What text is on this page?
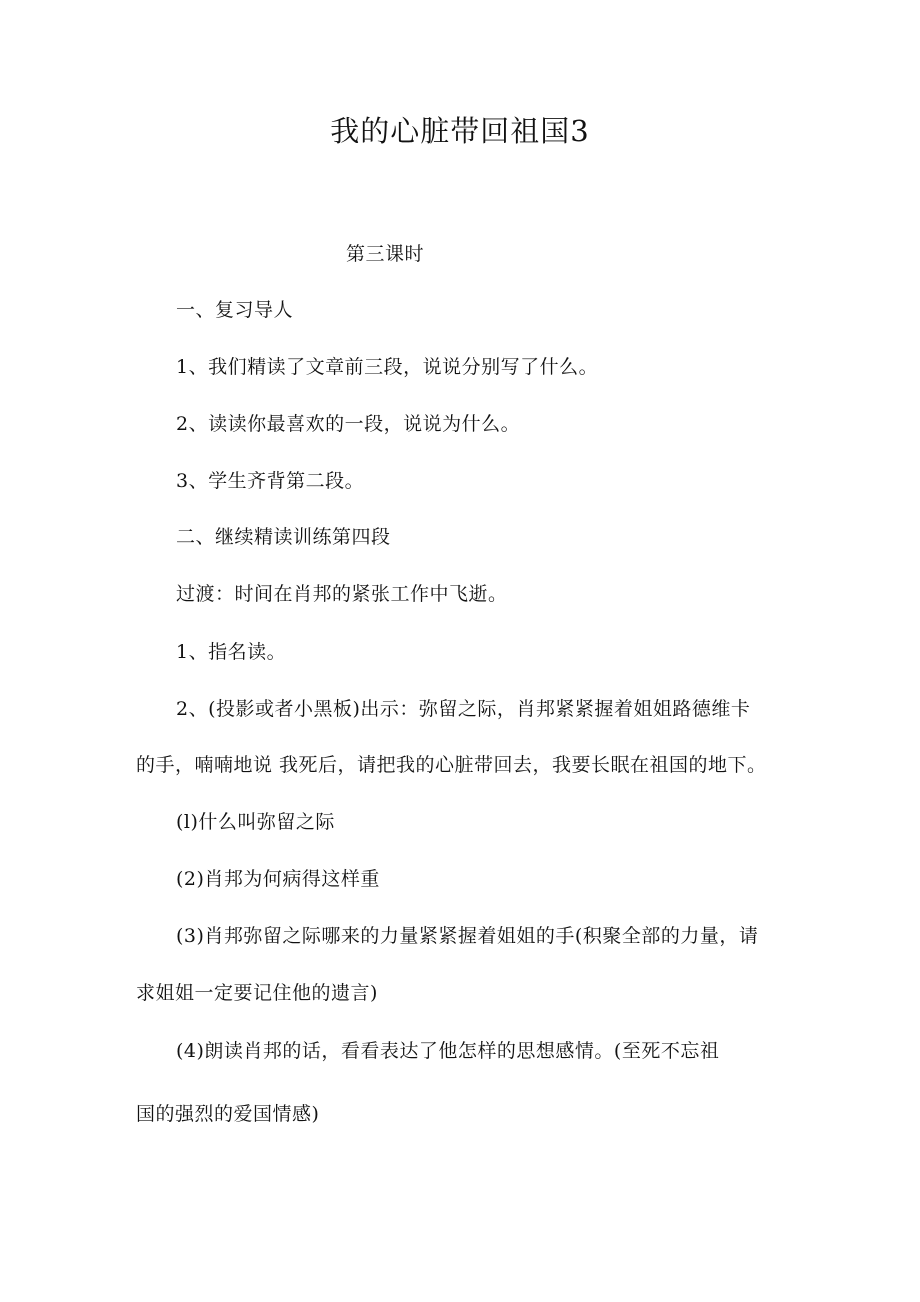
我的心脏带回祖国3
第三课时
一、复习导人
1、我们精读了文章前三段，说说分别写了什么。
2、读读你最喜欢的一段，说说为什么。
3、学生齐背第二段。
二、继续精读训练第四段
过渡：时间在肖邦的紧张工作中飞逝。
1、指名读。
2、(投影或者小黑板)出示：弥留之际，肖邦紧紧握着姐姐路德维卡
的手，喃喃地说 我死后，请把我的心脏带回去，我要长眠在祖国的地下。
(l)什么叫弥留之际
(2)肖邦为何病得这样重
(3)肖邦弥留之际哪来的力量紧紧握着姐姐的手(积聚全部的力量，请
求姐姐一定要记住他的遗言)
(4)朗读肖邦的话，看看表达了他怎样的思想感情。(至死不忘祖
国的强烈的爱国情感)
